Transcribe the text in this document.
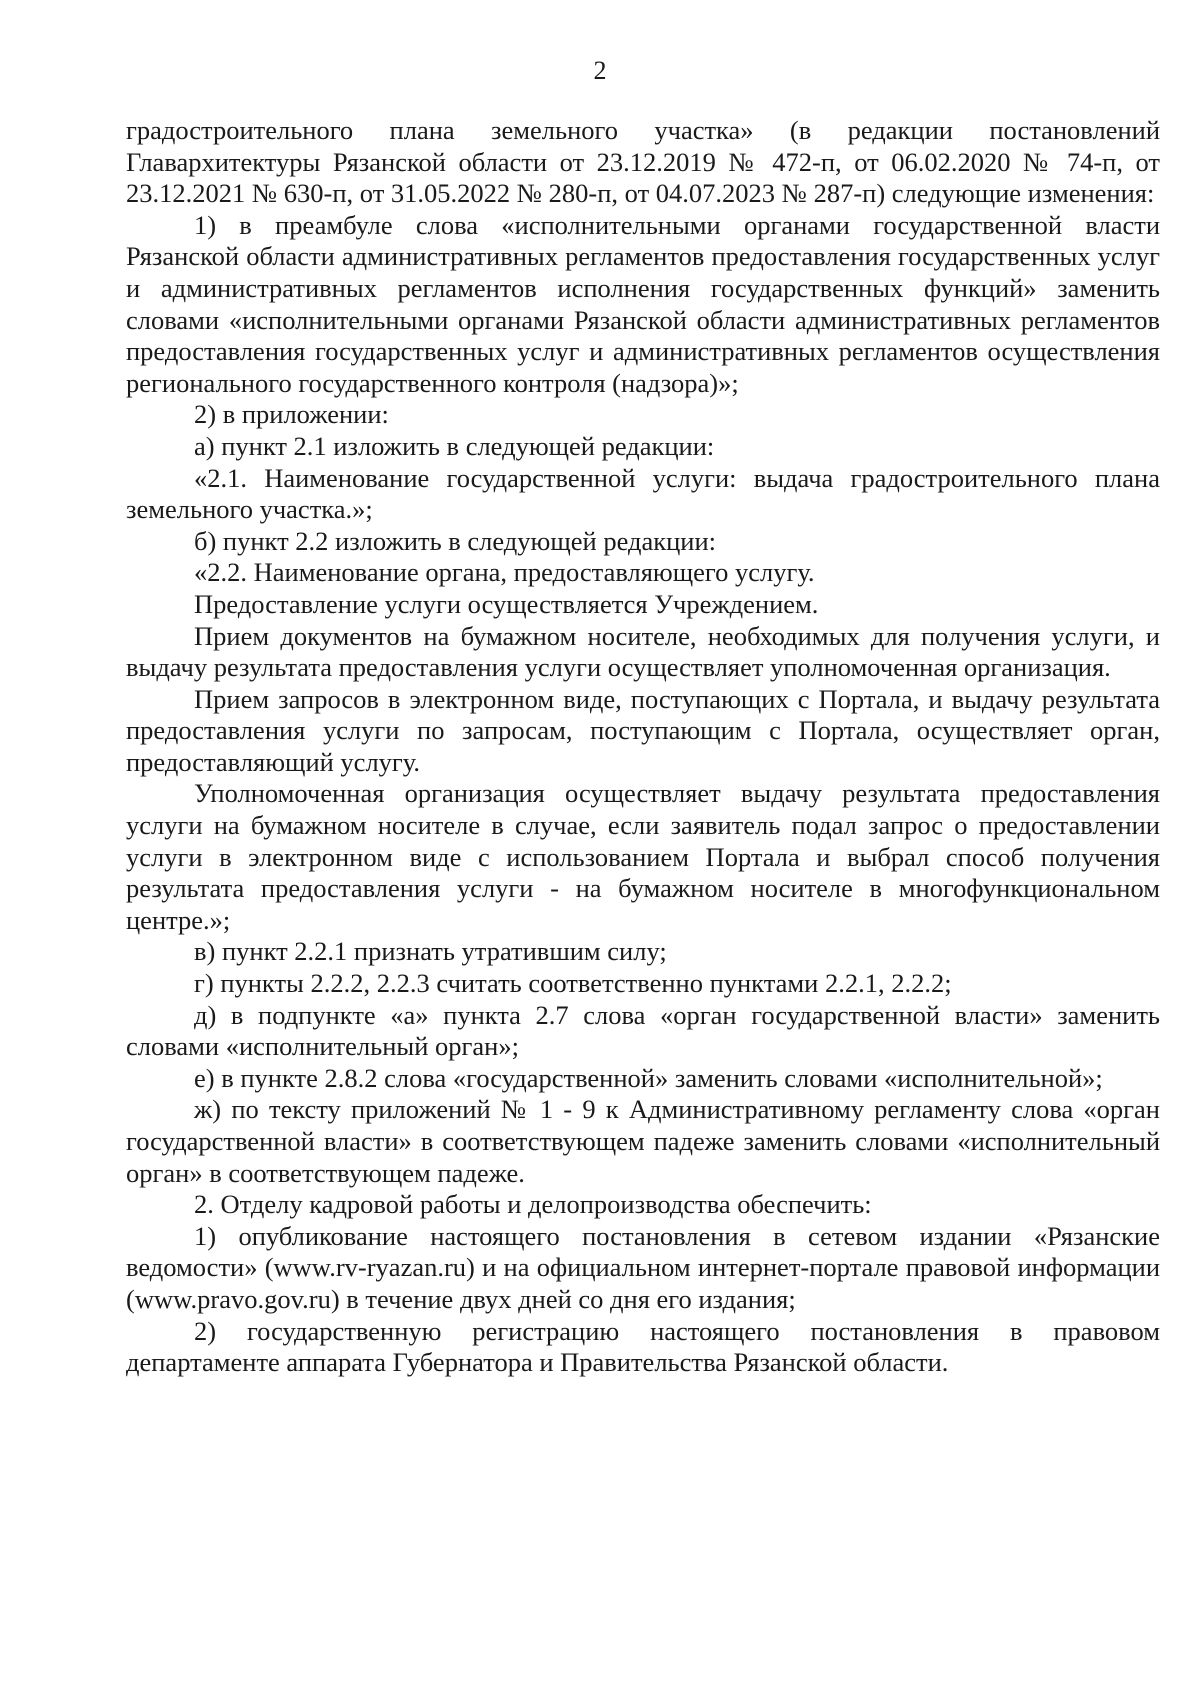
2

градостроительного плана земельного участка» (в редакции постановлений Главархитектуры Рязанской области от 23.12.2019 № 472-п, от 06.02.2020 № 74-п, от 23.12.2021 № 630-п, от 31.05.2022 № 280-п, от 04.07.2023 № 287-п) следующие изменения:

1) в преамбуле слова «исполнительными органами государственной власти Рязанской области административных регламентов предоставления государственных услуг и административных регламентов исполнения государственных функций» заменить словами «исполнительными органами Рязанской области административных регламентов предоставления государственных услуг и административных регламентов осуществления регионального государственного контроля (надзора)»;

2) в приложении:

а) пункт 2.1 изложить в следующей редакции:

«2.1. Наименование государственной услуги: выдача градостроительного плана земельного участка.»;

б) пункт 2.2 изложить в следующей редакции:

«2.2. Наименование органа, предоставляющего услугу.

Предоставление услуги осуществляется Учреждением.

Прием документов на бумажном носителе, необходимых для получения услуги, и выдачу результата предоставления услуги осуществляет уполномоченная организация.

Прием запросов в электронном виде, поступающих с Портала, и выдачу результата предоставления услуги по запросам, поступающим с Портала, осуществляет орган, предоставляющий услугу.

Уполномоченная организация осуществляет выдачу результата предоставления услуги на бумажном носителе в случае, если заявитель подал запрос о предоставлении услуги в электронном виде с использованием Портала и выбрал способ получения результата предоставления услуги - на бумажном носителе в многофункциональном центре.»;

в) пункт 2.2.1 признать утратившим силу;

г) пункты 2.2.2, 2.2.3 считать соответственно пунктами 2.2.1, 2.2.2;

д) в подпункте «а» пункта 2.7 слова «орган государственной власти» заменить словами «исполнительный орган»;

е) в пункте 2.8.2 слова «государственной» заменить словами «исполнительной»;

ж) по тексту приложений № 1 - 9 к Административному регламенту слова «орган государственной власти» в соответствующем падеже заменить словами «исполнительный орган» в соответствующем падеже.

2. Отделу кадровой работы и делопроизводства обеспечить:

1) опубликование настоящего постановления в сетевом издании «Рязанские ведомости» (www.rv-ryazan.ru) и на официальном интернет-портале правовой информации (www.pravo.gov.ru) в течение двух дней со дня его издания;

2) государственную регистрацию настоящего постановления в правовом департаменте аппарата Губернатора и Правительства Рязанской области.
